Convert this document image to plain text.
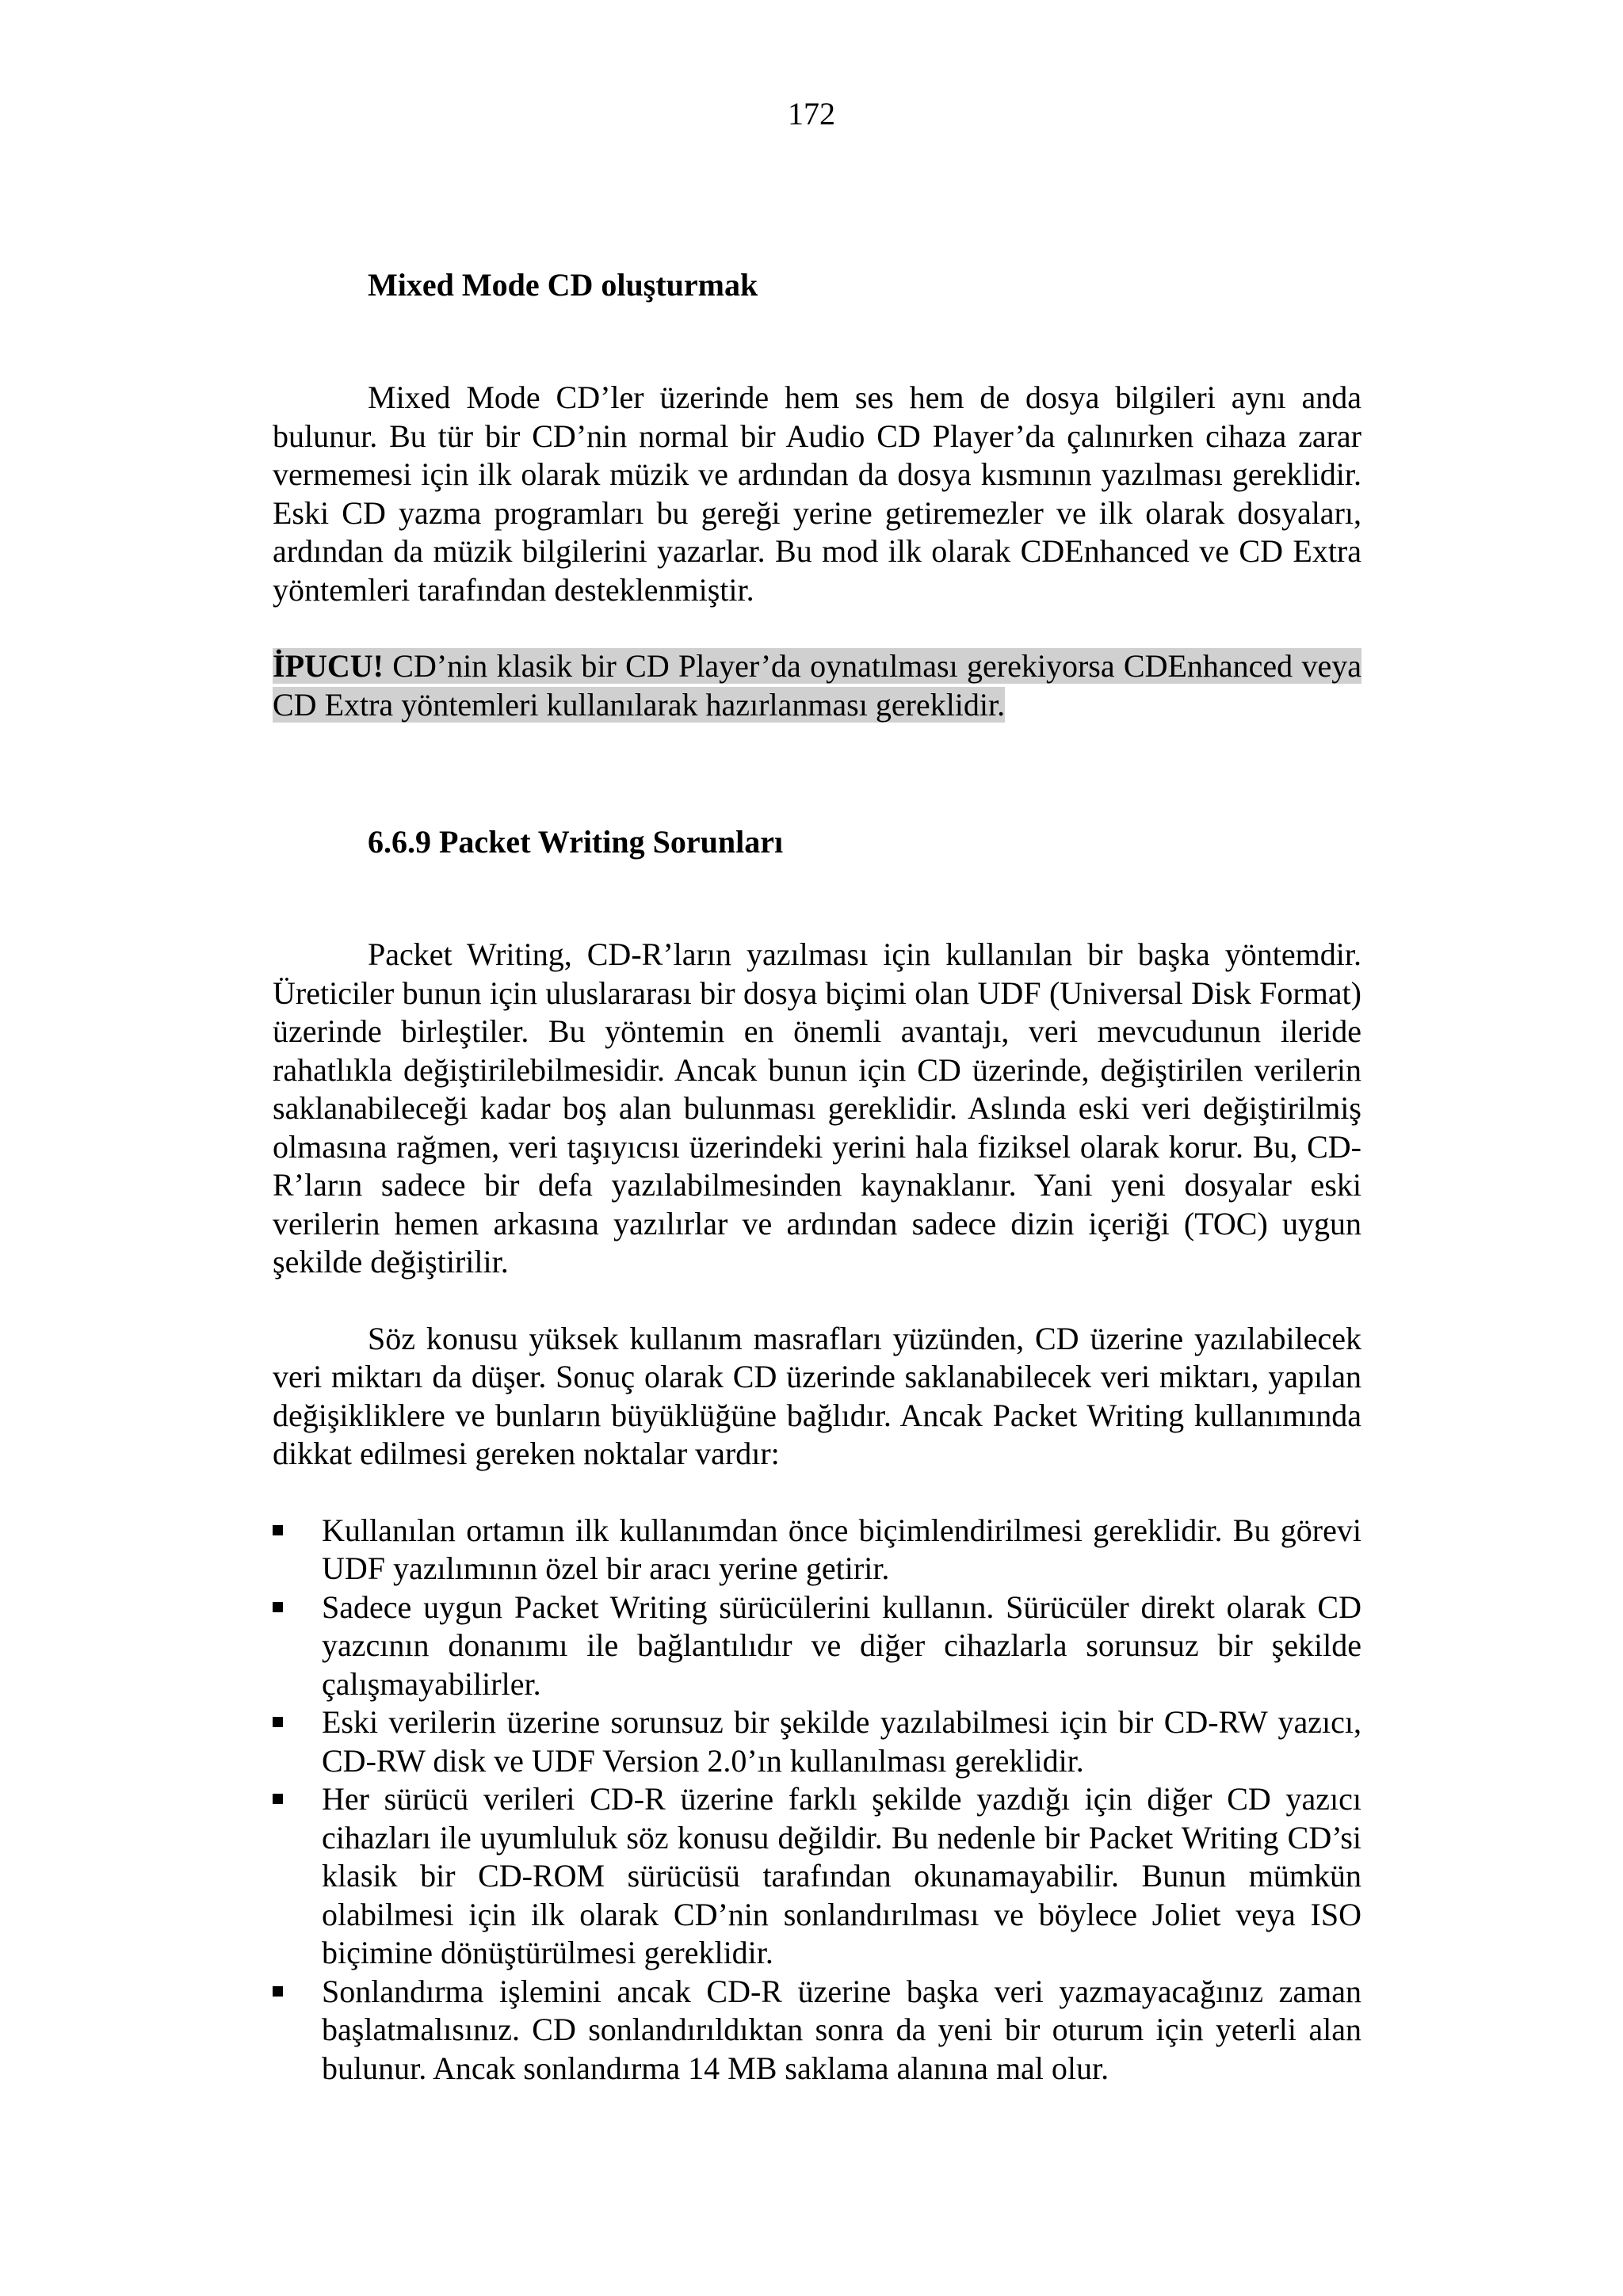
172
Mixed Mode CD oluşturmak

Mixed Mode CD’ler üzerinde hem ses hem de dosya bilgileri aynı anda bulunur. Bu tür bir CD’nin normal bir Audio CD Player’da çalınırken cihaza zarar vermemesi için ilk olarak müzik ve ardından da dosya kısmının yazılması gereklidir. Eski CD yazma programları bu gereği yerine getiremezler ve ilk olarak dosyaları, ardından da müzik bilgilerini yazarlar. Bu mod ilk olarak CDEnhanced ve CD Extra yöntemleri tarafından desteklenmiştir.

İPUCU! CD’nin klasik bir CD Player’da oynatılması gerekiyorsa CDEnhanced veya CD Extra yöntemleri kullanılarak hazırlanması gereklidir.

6.6.9 Packet Writing Sorunları

Packet Writing, CD-R’ların yazılması için kullanılan bir başka yöntemdir. Üreticiler bunun için uluslararası bir dosya biçimi olan UDF (Universal Disk Format) üzerinde birleştiler. Bu yöntemin en önemli avantajı, veri mevcudunun ileride rahatlıkla değiştirilebilmesidir. Ancak bunun için CD üzerinde, değiştirilen verilerin saklanabileceği kadar boş alan bulunması gereklidir. Aslında eski veri değiştirilmiş olmasına rağmen, veri taşıyıcısı üzerindeki yerini hala fiziksel olarak korur. Bu, CD-R’ların sadece bir defa yazılabilmesinden kaynaklanır. Yani yeni dosyalar eski verilerin hemen arkasına yazılırlar ve ardından sadece dizin içeriği (TOC) uygun şekilde değiştirilir.

Söz konusu yüksek kullanım masrafları yüzünden, CD üzerine yazılabilecek veri miktarı da düşer. Sonuç olarak CD üzerinde saklanabilecek veri miktarı, yapılan değişikliklere ve bunların büyüklüğüne bağlıdır. Ancak Packet Writing kullanımında dikkat edilmesi gereken noktalar vardır:

Kullanılan ortamın ilk kullanımdan önce biçimlendirilmesi gereklidir. Bu görevi UDF yazılımının özel bir aracı yerine getirir.
Sadece uygun Packet Writing sürücülerini kullanın. Sürücüler direkt olarak CD yazcının donanımı ile bağlantılıdır ve diğer cihazlarla sorunsuz bir şekilde çalışmayabilirler.
Eski verilerin üzerine sorunsuz bir şekilde yazılabilmesi için bir CD-RW yazıcı, CD-RW disk ve UDF Version 2.0’ın kullanılması gereklidir.
Her sürücü verileri CD-R üzerine farklı şekilde yazdığı için diğer CD yazıcı cihazları ile uyumluluk söz konusu değildir. Bu nedenle bir Packet Writing CD’si klasik bir CD-ROM sürücüsü tarafından okunamayabilir. Bunun mümkün olabilmesi için ilk olarak CD’nin sonlandırılması ve böylece Joliet veya ISO biçimine dönüştürülmesi gereklidir.
Sonlandırma işlemini ancak CD-R üzerine başka veri yazmayacağınız zaman başlatmalısınız. CD sonlandırıldıktan sonra da yeni bir oturum için yeterli alan bulunur. Ancak sonlandırma 14 MB saklama alanına mal olur.
